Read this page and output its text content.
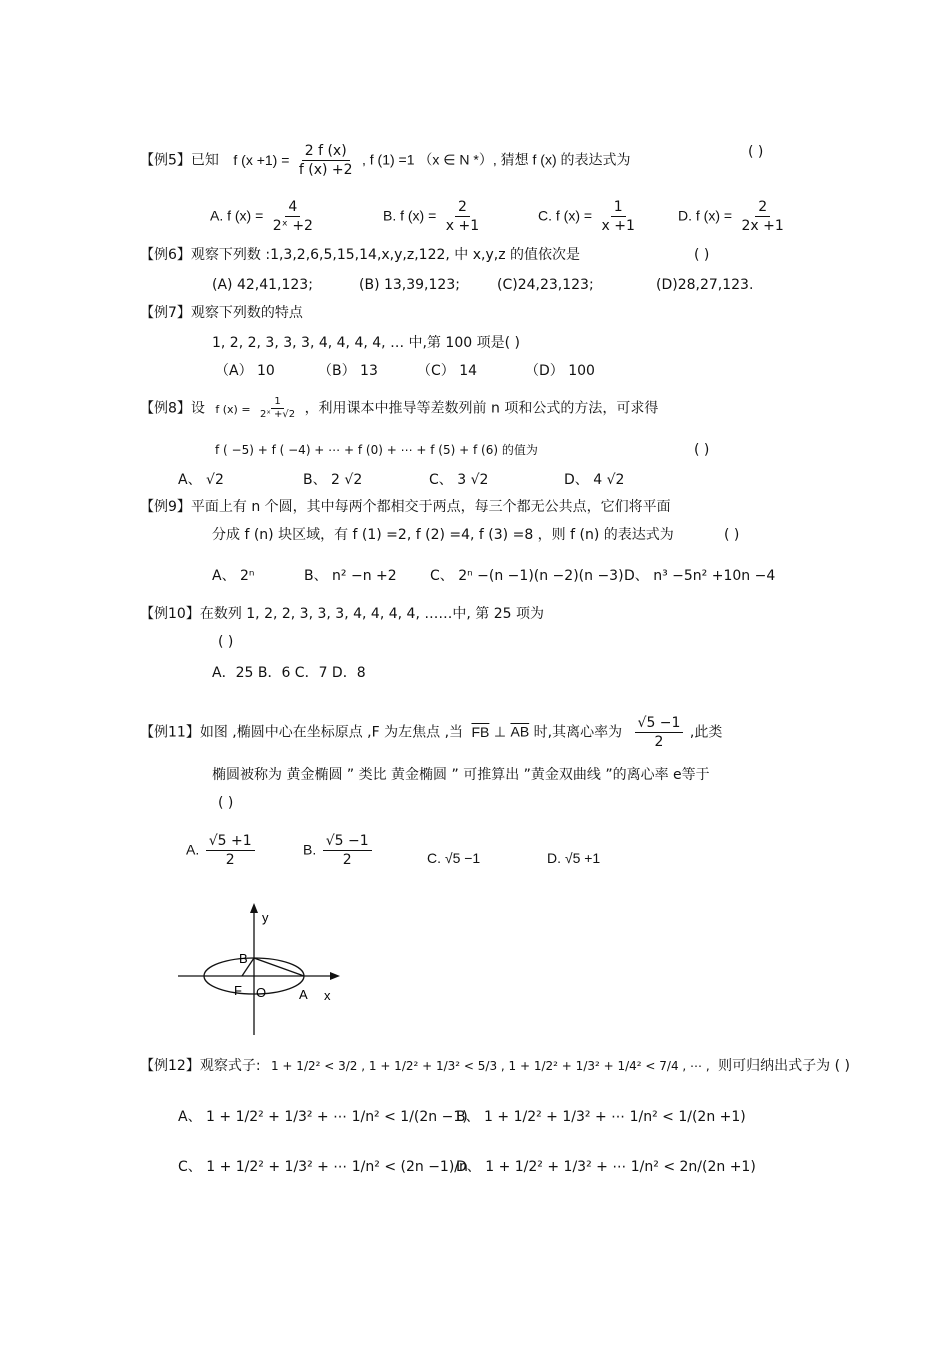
【例5】已知 f $(x +1) = \frac{2 f (x)}{f (x) +2}$ , f (1) =1 （x ∈ N *）, 猜想 f (x) 的表达式为	( )
A. f $(x) = \frac{4}{\text{2ˣ +2}}$	B. f $(x) = \frac{2}{x +1}$	C. f $(x) = \frac{1}{x +1}$	D. f $(x) = \frac{2}{2x +1}$
【例6】观察下列数 :1,3,2,6,5,15,14,x,y,z,122, 中 x,y,z 的值依次是	( )
(A) 42,41,123;	(B) 13,39,123;	(C)24,23,123;	(D)28,27,123.
【例7】观察下列数的特点
1, 2, 2, 3, 3, 3, 4, 4, 4, 4, … 中,第 100 项是( )
（A） 10	（B） 13	（C） 14	（D） 100
【例8】设 f $(x) = \frac{1}{\text{2ˣ +√2}}$ ，利用课本中推导等差数列前 n 项和公式的方法，可求得
f ( −5) + f ( −4) + ⋯ + f (0) + ⋯ + f (5) + f (6) 的值为	( )
A、 √2	B、 2 √2	C、 3 √2	D、 4 √2
【例9】平面上有 n 个圆，其中每两个都相交于两点，每三个都无公共点，它们将平面
分成 f (n) 块区域，有 f (1) =2, f (2) =4, f (3) =8 ，则 f (n) 的表达式为	( )
A、 2ⁿ	B、 n² −n +2 C、 2ⁿ −(n −1)(n −2)(n −3) D、 n³ −5n² +10n −4
【例10】在数列 1, 2, 2, 3, 3, 3, 4, 4, 4, 4, ……中, 第 25 项为
( )
A．25 B．6 C．7 D．8
【例11】如图 ,椭圆中心在坐标原点 ,F 为左焦点 ,当 $\overline{FB}$ ⊥ $\overline{AB}$ 时,其离心率为 $\frac{√5 -1}{2}$ ,此类
椭圆被称为 黄金椭圆 ” 类比 黄金椭圆 ” 可推算出 ”黄金双曲线 ”的离心率 e等于
( )
A. $\frac{√5 +1}{2}$	B. $\frac{√5 -1}{2}$	C. √5 −1	D. √5 +1
y
x
B
F O	A
【例12】观察式子: 1 + 1/2² < 3/2 , 1 + 1/2² + 1/3² < 5/3 , 1 + 1/2² + 1/3² + 1/4² < 7/4 , ⋯ , 则可归纳出式子为 ( )
A、 1 + 1/2² + 1/3² + ⋯ 1/n² < 1/(2n −1)
B、 1 + 1/2² + 1/3² + ⋯ 1/n² < 1/(2n +1)
C、 1 + 1/2² + 1/3² + ⋯ 1/n² < (2n −1)/n
D、 1 + 1/2² + 1/3² + ⋯ 1/n² < 2n/(2n +1)
